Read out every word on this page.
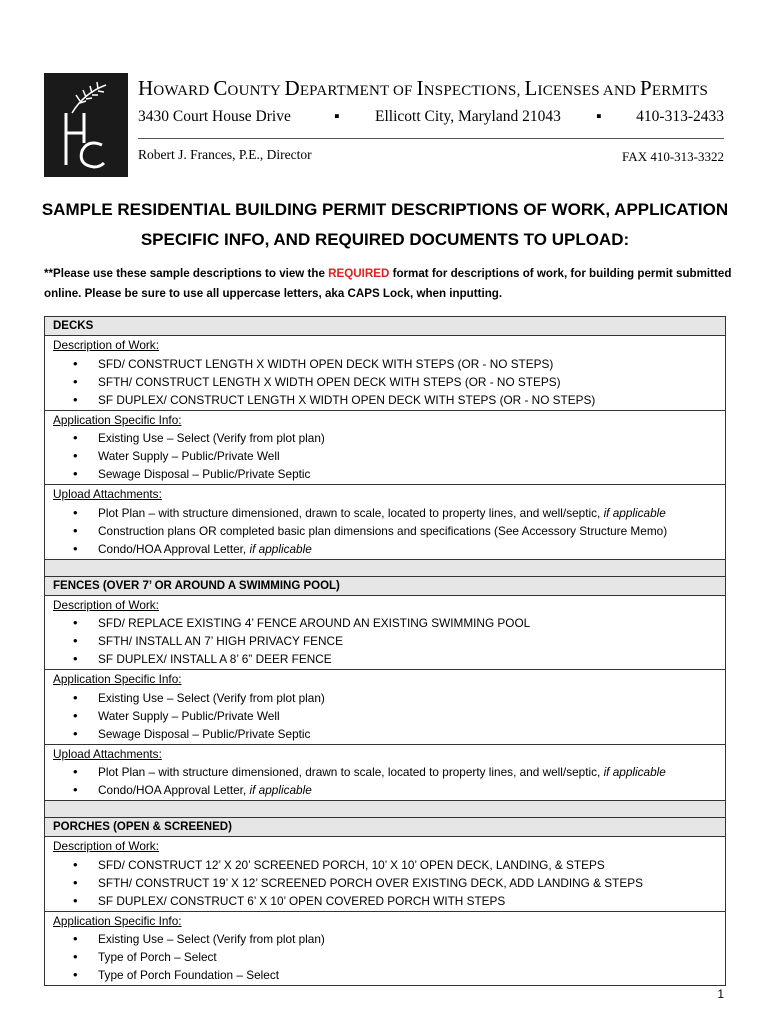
HOWARD COUNTY DEPARTMENT OF INSPECTIONS, LICENSES AND PERMITS
3430 Court House Drive	▪ Ellicott City, Maryland 21043 ▪ 410-313-2433
Robert J. Frances, P.E., Director	FAX 410-313-3322
SAMPLE RESIDENTIAL BUILDING PERMIT DESCRIPTIONS OF WORK, APPLICATION
SPECIFIC INFO, AND REQUIRED DOCUMENTS TO UPLOAD:
**Please use these sample descriptions to view the REQUIRED format for descriptions of work, for building permit submitted online. Please be sure to use all uppercase letters, aka CAPS Lock, when inputting.
DECKS
Description of Work:
• SFD/ CONSTRUCT LENGTH X WIDTH OPEN DECK WITH STEPS (OR - NO STEPS)
• SFTH/ CONSTRUCT LENGTH X WIDTH OPEN DECK WITH STEPS (OR - NO STEPS)
• SF DUPLEX/ CONSTRUCT LENGTH X WIDTH OPEN DECK WITH STEPS (OR - NO STEPS)
Application Specific Info:
• Existing Use – Select (Verify from plot plan)
• Water Supply – Public/Private Well
• Sewage Disposal – Public/Private Septic
Upload Attachments:
• Plot Plan – with structure dimensioned, drawn to scale, located to property lines, and well/septic, if applicable
• Construction plans OR completed basic plan dimensions and specifications (See Accessory Structure Memo)
• Condo/HOA Approval Letter, if applicable
FENCES (OVER 7’ OR AROUND A SWIMMING POOL)
Description of Work:
• SFD/ REPLACE EXISTING 4’ FENCE AROUND AN EXISTING SWIMMING POOL
• SFTH/ INSTALL AN 7’ HIGH PRIVACY FENCE
• SF DUPLEX/ INSTALL A 8’ 6” DEER FENCE
Application Specific Info:
• Existing Use – Select (Verify from plot plan)
• Water Supply – Public/Private Well
• Sewage Disposal – Public/Private Septic
Upload Attachments:
• Plot Plan – with structure dimensioned, drawn to scale, located to property lines, and well/septic, if applicable
• Condo/HOA Approval Letter, if applicable
PORCHES (OPEN & SCREENED)
Description of Work:
• SFD/ CONSTRUCT 12’ X 20’ SCREENED PORCH, 10’ X 10’ OPEN DECK, LANDING, & STEPS
• SFTH/ CONSTRUCT 19’ X 12’ SCREENED PORCH OVER EXISTING DECK, ADD LANDING & STEPS
• SF DUPLEX/ CONSTRUCT 6’ X 10’ OPEN COVERED PORCH WITH STEPS
Application Specific Info:
• Existing Use – Select (Verify from plot plan)
• Type of Porch – Select
• Type of Porch Foundation – Select
1
